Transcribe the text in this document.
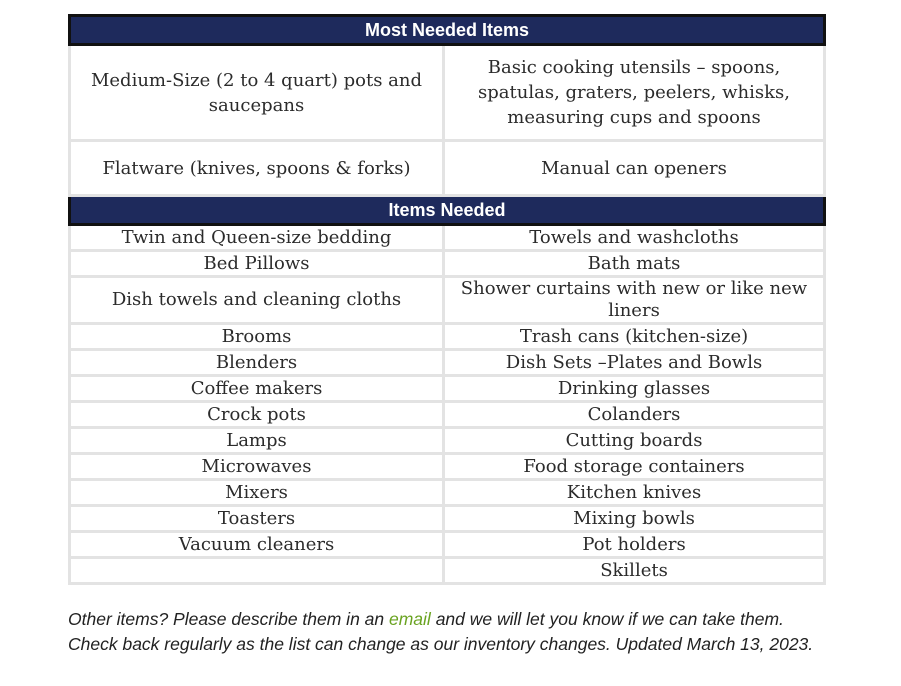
Most Needed Items	
Medium-Size (2 to 4 quart) pots and saucepans	Basic cooking utensils – spoons, spatulas, graters, peelers, whisks, measuring cups and spoons
Flatware (knives, spoons & forks)	Manual can openers
Items Needed	
Twin and Queen-size bedding	Towels and washcloths
Bed Pillows	Bath mats
Dish towels and cleaning cloths	Shower curtains with new or like new liners
Brooms	Trash cans (kitchen-size)
Blenders	Dish Sets –Plates and Bowls
Coffee makers	Drinking glasses
Crock pots	Colanders
Lamps	Cutting boards
Microwaves	Food storage containers
Mixers	Kitchen knives
Toasters	Mixing bowls
Vacuum cleaners	Pot holders
	Skillets

Other items? Please describe them in an email and we will let you know if we can take them. Check back regularly as the list can change as our inventory changes. Updated March 13, 2023.
